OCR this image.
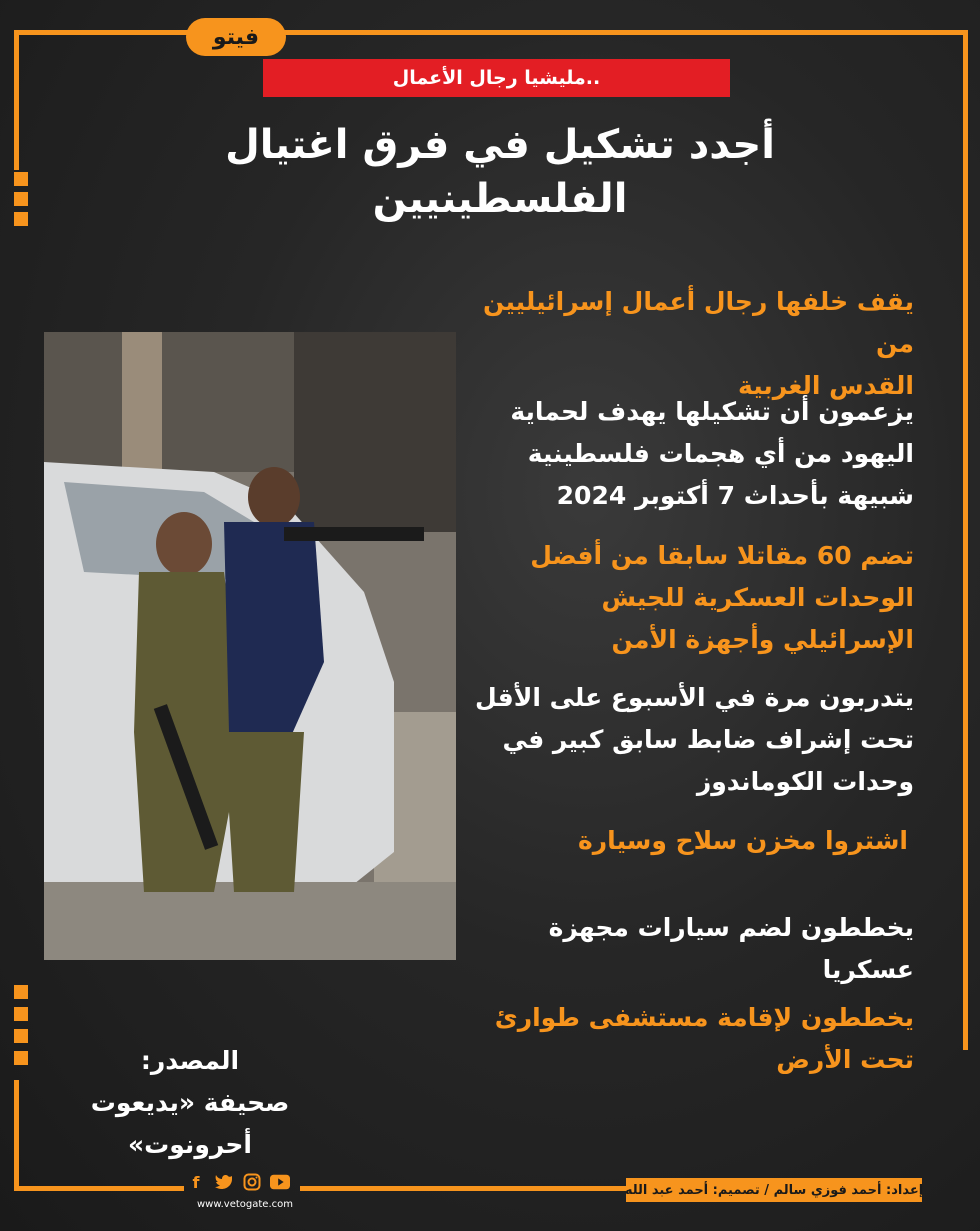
فيتو
مليشيا رجال الأعمال..
أجدد تشكيل في فرق اغتيال
الفلسطينيين
يقف خلفها رجال أعمال إسرائيليين من
القدس الغربية
يزعمون أن تشكيلها يهدف لحماية
اليهود من أي هجمات فلسطينية
شبيهة بأحداث 7 أكتوبر 2024
تضم 60 مقاتلا سابقا من أفضل
الوحدات العسكرية للجيش
الإسرائيلي وأجهزة الأمن
يتدربون مرة في الأسبوع على الأقل
تحت إشراف ضابط سابق كبير في
وحدات الكوماندوز
اشتروا مخزن سلاح وسيارة
يخططون لضم سيارات مجهزة عسكريا
يخططون لإقامة مستشفى طوارئ
تحت الأرض
المصدر:
صحيفة «يديعوت
أحرونوت»
f
www.vetogate.com
إعداد: أحمد فوزي سالم / تصميم: أحمد عبد الله
